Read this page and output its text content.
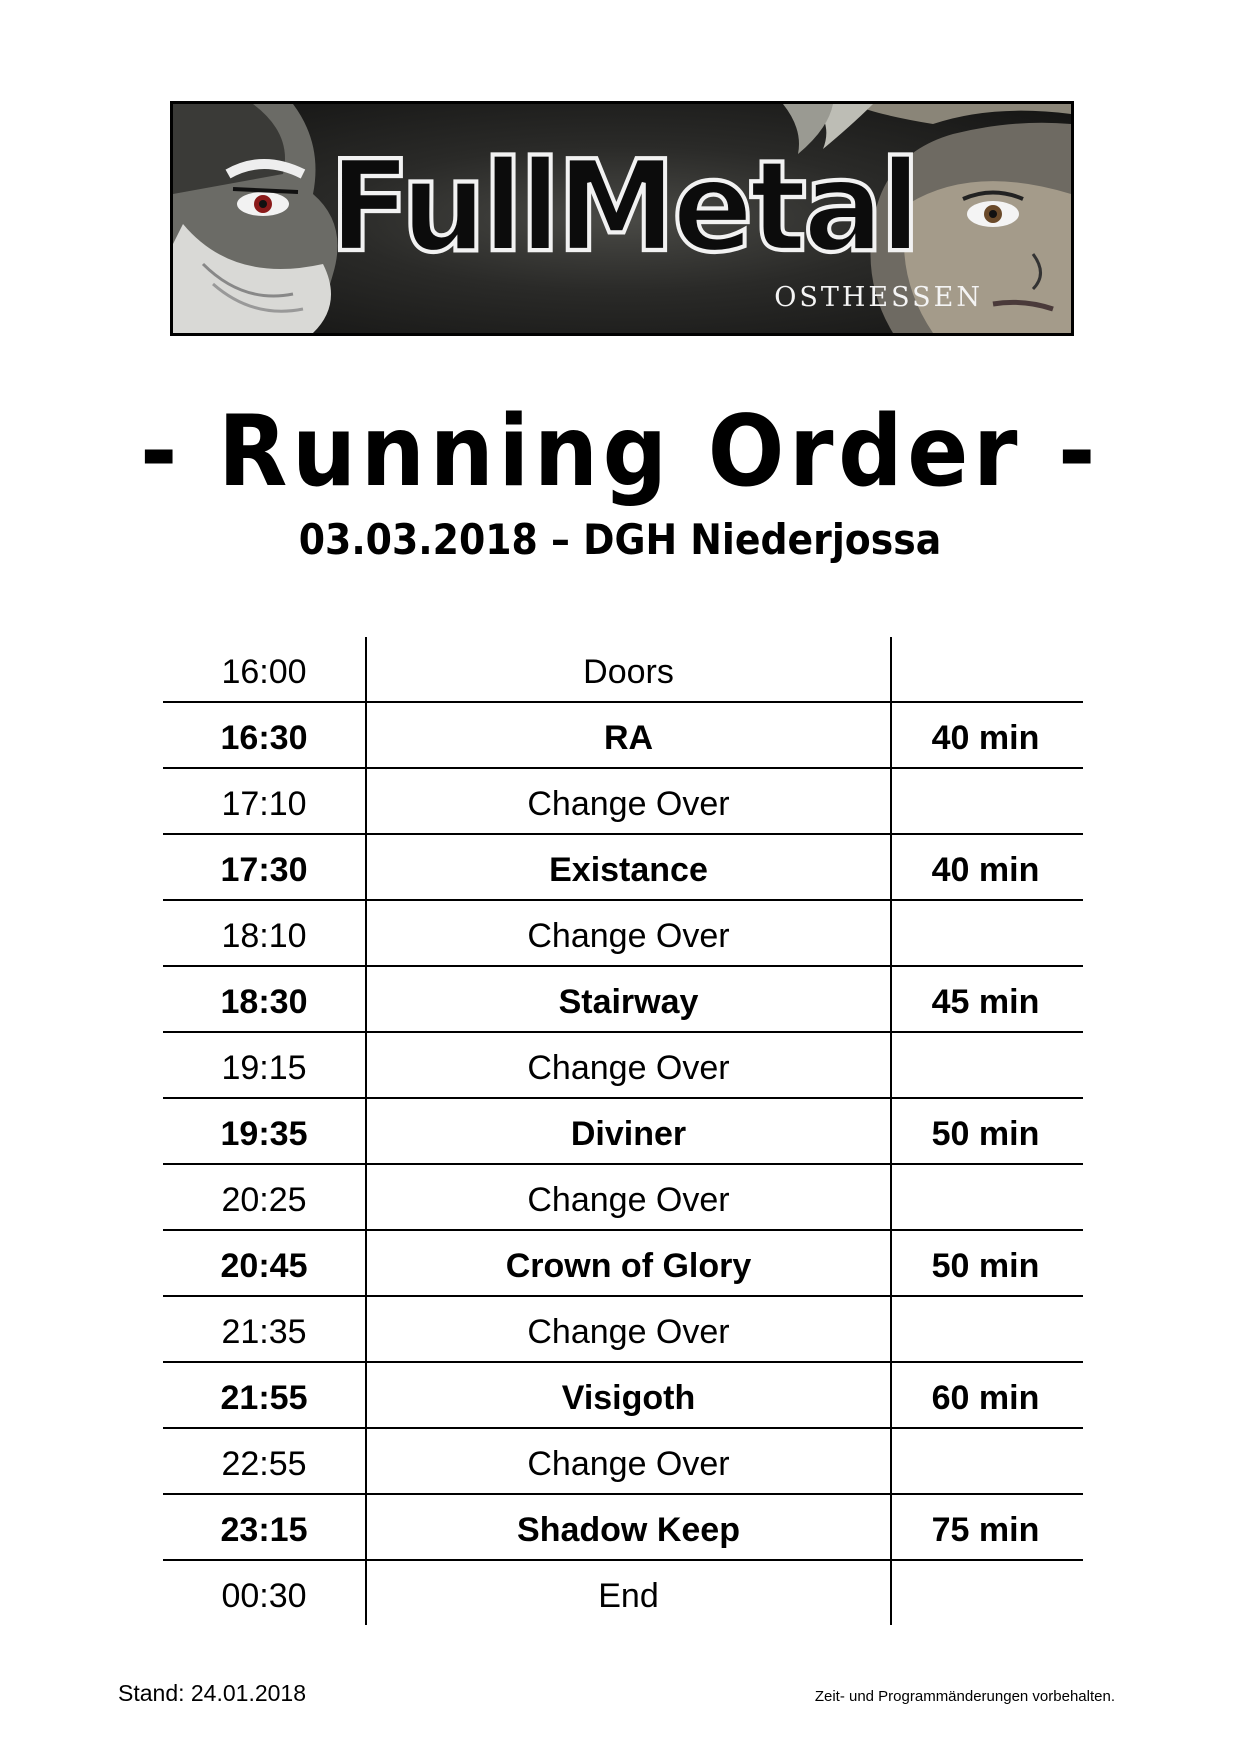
FullMetal
OSTHESSEN
- Running Order -
03.03.2018 – DGH Niederjossa
16:00	Doors
16:30	RA	40 min
17:10	Change Over
17:30	Existance	40 min
18:10	Change Over
18:30	Stairway	45 min
19:15	Change Over
19:35	Diviner	50 min
20:25	Change Over
20:45	Crown of Glory	50 min
21:35	Change Over
21:55	Visigoth	60 min
22:55	Change Over
23:15	Shadow Keep	75 min
00:30	End
Stand: 24.01.2018	Zeit- und Programmänderungen vorbehalten.
